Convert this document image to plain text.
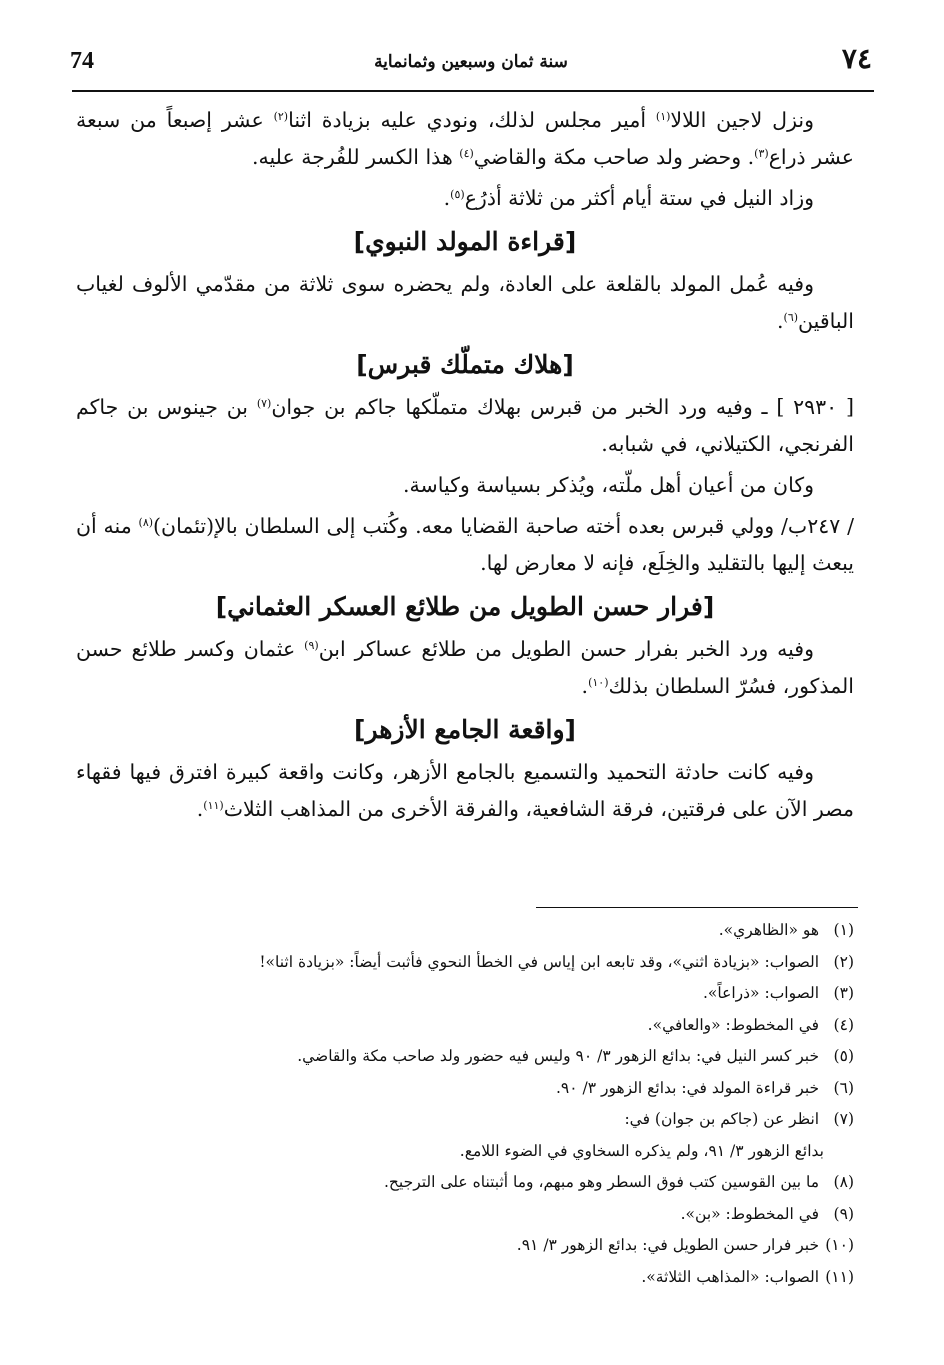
74	سنة ثمان وسبعين وثمانماية	٧٤

ونزل لاجين اللالا$^{(١)}$ أمير مجلس لذلك، ونودي عليه بزيادة اثنا$^{(٢)}$ عشر إصبعاً من سبعة عشر ذراع$^{(٣)}$. وحضر ولد صاحب مكة والقاضي$^{(٤)}$ هذا الكسر للفُرجة عليه.

وزاد النيل في ستة أيام أكثر من ثلاثة أذرُع$^{(٥)}$.

[قراءة المولد النبوي]

وفيه عُمل المولد بالقلعة على العادة، ولم يحضره سوى ثلاثة من مقدّمي الألوف لغياب الباقين$^{(٦)}$.

[هلاك متملّك قبرس]

[ ٢٩٣٠ ] ـ وفيه ورد الخبر من قبرس بهلاك متملّكها جاكم بن جوان$^{(٧)}$ بن جينوس بن جاكم الفرنجي، الكتيلاني، في شبابه.

وكان من أعيان أهل ملّته، ويُذكر بسياسة وكياسة.

/ ٢٤٧ب/ وولي قبرس بعده أخته صاحبة القضايا معه. وكُتب إلى السلطان بالإ(تئمان)$^{(٨)}$ منه أن يبعث إليها بالتقليد والخِلَع، فإنه لا معارض لها.

[فرار حسن الطويل من طلائع العسكر العثماني]

وفيه ورد الخبر بفرار حسن الطويل من طلائع عساكر ابن$^{(٩)}$ عثمان وكسر طلائع حسن المذكور، فسُرّ السلطان بذلك$^{(١٠)}$.

[واقعة الجامع الأزهر]

وفيه كانت حادثة التحميد والتسميع بالجامع الأزهر، وكانت واقعة كبيرة افترق فيها فقهاء مصر الآن على فرقتين، فرقة الشافعية، والفرقة الأخرى من المذاهب الثلاث$^{(١١)}$.

(١) هو «الظاهري».
(٢) الصواب: «بزيادة اثني»، وقد تابعه ابن إياس في الخطأ النحوي فأثبت أيضاً: «بزيادة اثنا»!
(٣) الصواب: «ذراعاً».
(٤) في المخطوط: «والعافي».
(٥) خبر كسر النيل في: بدائع الزهور ٣/ ٩٠ وليس فيه حضور ولد صاحب مكة والقاضي.
(٦) خبر قراءة المولد في: بدائع الزهور ٣/ ٩٠.
(٧) انظر عن (جاكم بن جوان) في:
بدائع الزهور ٣/ ٩١، ولم يذكره السخاوي في الضوء اللامع.
(٨) ما بين القوسين كتب فوق السطر وهو مبهم، وما أثبتناه على الترجيح.
(٩) في المخطوط: «بن».
(١٠) خبر فرار حسن الطويل في: بدائع الزهور ٣/ ٩١.
(١١) الصواب: «المذاهب الثلاثة».
